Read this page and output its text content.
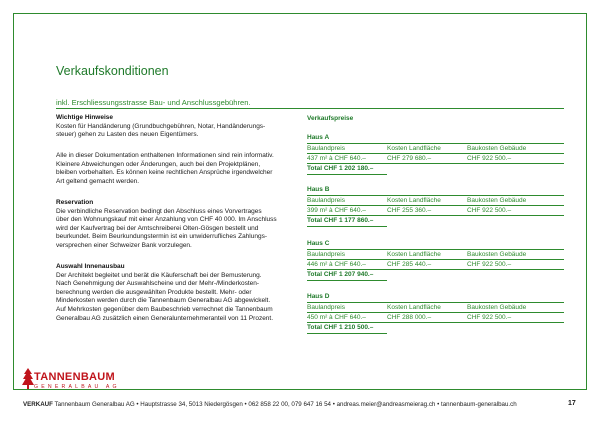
Verkaufskonditionen
inkl. Erschliessungsstrasse Bau- und Anschlussgebühren.
Wichtige Hinweise
Kosten für Handänderung (Grundbuchgebühren, Notar, Handänderungs-
steuer) gehen zu Lasten des neuen Eigentümers.
Alle in dieser Dokumentation enthaltenen Informationen sind rein informativ.
Kleinere Abweichungen oder Änderungen, auch bei den Projektplänen,
bleiben vorbehalten. Es können keine rechtlichen Ansprüche irgendwelcher
Art geltend gemacht werden.
Reservation
Die verbindliche Reservation bedingt den Abschluss eines Vorvertrages
über den Wohnungskauf mit einer Anzahlung von CHF 40 000. Im Anschluss
wird der Kaufvertrag bei der Amtschreiberei Olten-Gösgen bestellt und
beurkundet. Beim Beurkundungstermin ist ein unwiderrufliches Zahlungs-
versprechen einer Schweizer Bank vorzulegen.
Auswahl Innenausbau
Der Architekt begleitet und berät die Käuferschaft bei der Bemusterung.
Nach Genehmigung der Auswahlscheine und der Mehr-/Minderkosten-
berechnung werden die ausgewählten Produkte bestellt. Mehr- oder
Minderkosten werden durch die Tannenbaum Generalbau AG abgewickelt.
Auf Mehrkosten gegenüber dem Baubeschrieb verrechnet die Tannenbaum
Generalbau AG zusätzlich einen Generalunternehmeranteil von 11 Prozent.
Verkaufspreise
Haus A
Baulandpreis	Kosten Landfläche	Baukosten Gebäude
437 m² à CHF 640.–	CHF 279 680.–	CHF 922 500.–
Total CHF 1 202 180.–
Haus B
Baulandpreis	Kosten Landfläche	Baukosten Gebäude
399 m² à CHF 640.–	CHF 255 360.–	CHF 922 500.–
Total CHF 1 177 860.–
Haus C
Baulandpreis	Kosten Landfläche	Baukosten Gebäude
446 m² à CHF 640.–	CHF 285 440.–	CHF 922 500.–
Total CHF 1 207 940.–
Haus D
Baulandpreis	Kosten Landfläche	Baukosten Gebäude
450 m² à CHF 640.–	CHF 288 000.–	CHF 922 500.–
Total CHF 1 210 500.–
TANNENBAUM
GENERALBAU AG
VERKAUF Tannenbaum Generalbau AG • Hauptstrasse 34, 5013 Niedergösgen • 062 858 22 00, 079 647 16 54 • andreas.meier@andreasmeierag.ch • tannenbaum-generalbau.ch	17
